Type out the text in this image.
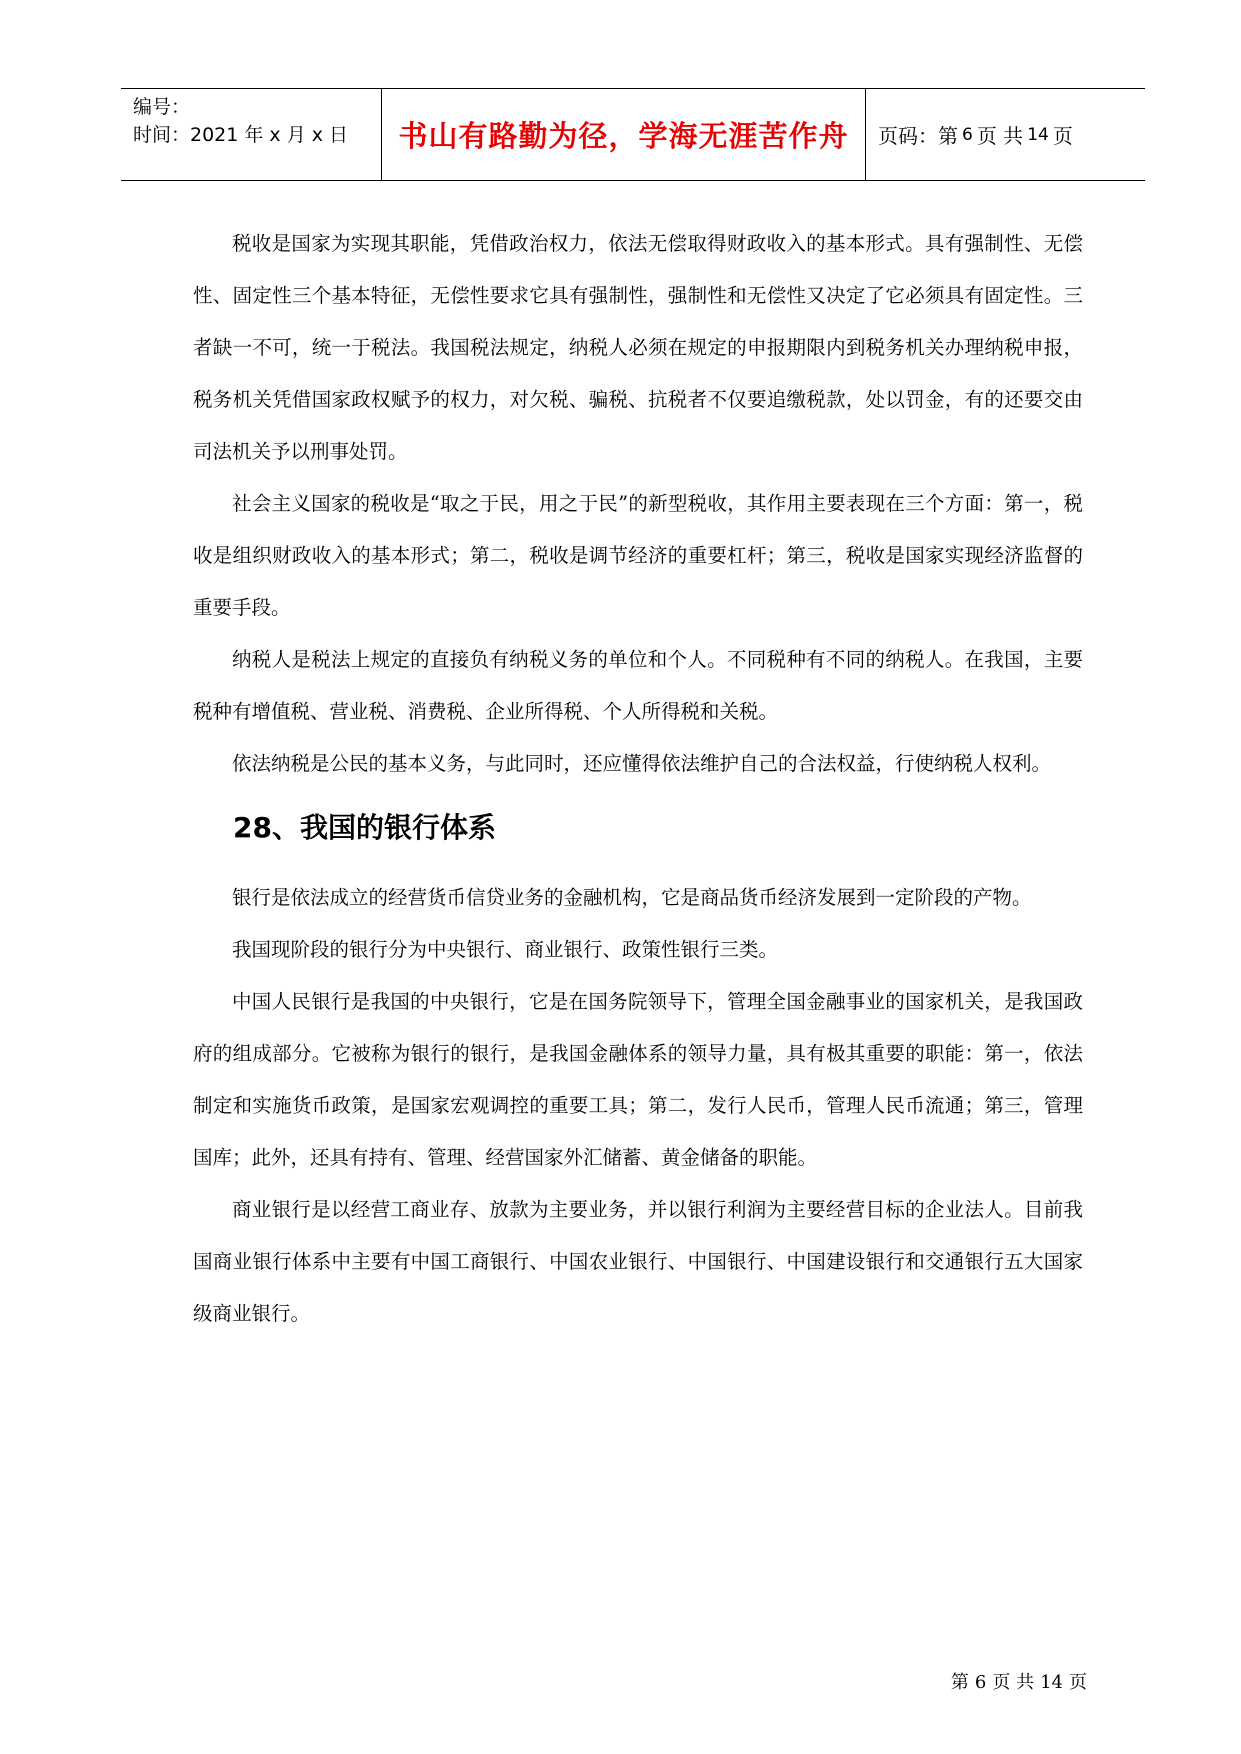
编号：
时间：2021 年 x 月 x 日	书山有路勤为径，学海无涯苦作舟 页码：第 6 页 共 14 页

税收是国家为实现其职能，凭借政治权力，依法无偿取得财政收入的基本形式。具有强制性、无偿性、固定性三个基本特征，无偿性要求它具有强制性，强制性和无偿性又决定了它必须具有固定性。三者缺一不可，统一于税法。我国税法规定，纳税人必须在规定的申报期限内到税务机关办理纳税申报，税务机关凭借国家政权赋予的权力，对欠税、骗税、抗税者不仅要追缴税款，处以罚金，有的还要交由司法机关予以刑事处罚。

社会主义国家的税收是“取之于民，用之于民”的新型税收，其作用主要表现在三个方面：第一，税收是组织财政收入的基本形式；第二，税收是调节经济的重要杠杆；第三，税收是国家实现经济监督的重要手段。

纳税人是税法上规定的直接负有纳税义务的单位和个人。不同税种有不同的纳税人。在我国，主要税种有增值税、营业税、消费税、企业所得税、个人所得税和关税。

依法纳税是公民的基本义务，与此同时，还应懂得依法维护自己的合法权益，行使纳税人权利。

28、我国的银行体系

银行是依法成立的经营货币信贷业务的金融机构，它是商品货币经济发展到一定阶段的产物。

我国现阶段的银行分为中央银行、商业银行、政策性银行三类。

中国人民银行是我国的中央银行，它是在国务院领导下，管理全国金融事业的国家机关，是我国政府的组成部分。它被称为银行的银行，是我国金融体系的领导力量，具有极其重要的职能：第一，依法制定和实施货币政策，是国家宏观调控的重要工具；第二，发行人民币，管理人民币流通；第三，管理国库；此外，还具有持有、管理、经营国家外汇储蓄、黄金储备的职能。

商业银行是以经营工商业存、放款为主要业务，并以银行利润为主要经营目标的企业法人。目前我国商业银行体系中主要有中国工商银行、中国农业银行、中国银行、中国建设银行和交通银行五大国家级商业银行。

第 6 页 共 14 页
